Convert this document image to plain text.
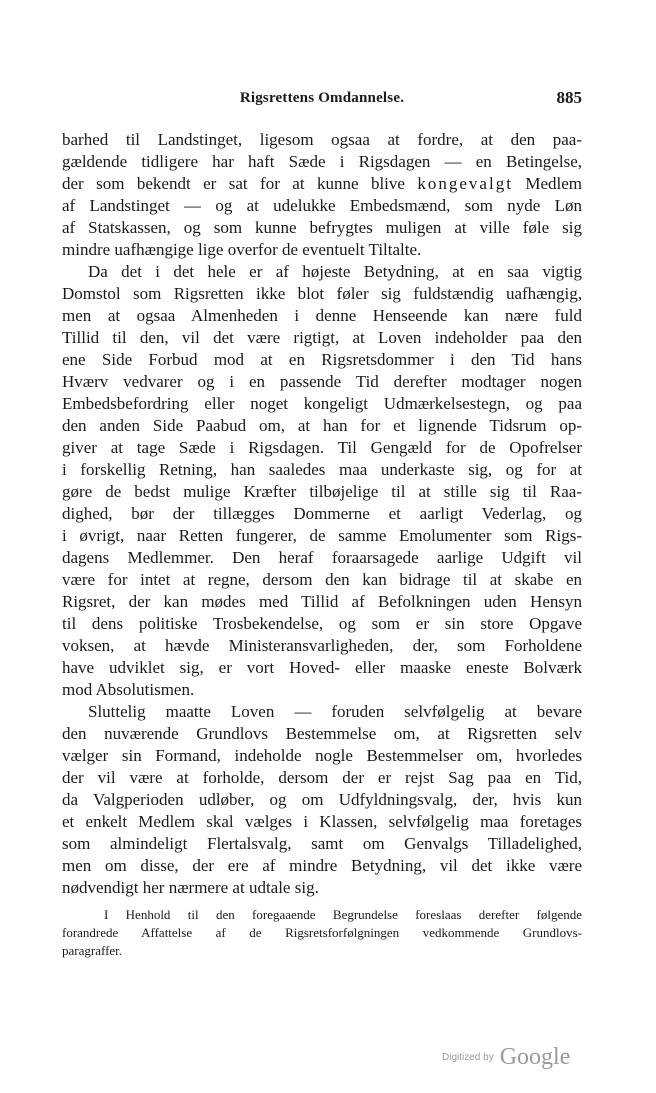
Rigsrettens Omdannelse.	885
barhed til Landstinget, ligesom ogsaa at fordre, at den paa-
gældende tidligere har haft Sæde i Rigsdagen — en Betingelse,
der som bekendt er sat for at kunne blive kongevalgt Medlem
af Landstinget — og at udelukke Embedsmænd, som nyde Løn
af Statskassen, og som kunne befrygtes muligen at ville føle sig
mindre uafhængige lige overfor de eventuelt Tiltalte.
Da det i det hele er af højeste Betydning, at en saa vigtig
Domstol som Rigsretten ikke blot føler sig fuldstændig uafhængig,
men at ogsaa Almenheden i denne Henseende kan nære fuld
Tillid til den, vil det være rigtigt, at Loven indeholder paa den
ene Side Forbud mod at en Rigsretsdommer i den Tid hans
Hværv vedvarer og i en passende Tid derefter modtager nogen
Embedsbefordring eller noget kongeligt Udmærkelsestegn, og paa
den anden Side Paabud om, at han for et lignende Tidsrum op-
giver at tage Sæde i Rigsdagen. Til Gengæld for de Opofrelser
i forskellig Retning, han saaledes maa underkaste sig, og for at
gøre de bedst mulige Kræfter tilbøjelige til at stille sig til Raa-
dighed, bør der tillægges Dommerne et aarligt Vederlag, og
i øvrigt, naar Retten fungerer, de samme Emolumenter som Rigs-
dagens Medlemmer. Den heraf foraarsagede aarlige Udgift vil
være for intet at regne, dersom den kan bidrage til at skabe en
Rigsret, der kan mødes med Tillid af Befolkningen uden Hensyn
til dens politiske Trosbekendelse, og som er sin store Opgave
voksen, at hævde Ministeransvarligheden, der, som Forholdene
have udviklet sig, er vort Hoved- eller maaske eneste Bolværk
mod Absolutismen.
Sluttelig maatte Loven — foruden selvfølgelig at bevare
den nuværende Grundlovs Bestemmelse om, at Rigsretten selv
vælger sin Formand, indeholde nogle Bestemmelser om, hvorledes
der vil være at forholde, dersom der er rejst Sag paa en Tid,
da Valgperioden udløber, og om Udfyldningsvalg, der, hvis kun
et enkelt Medlem skal vælges i Klassen, selvfølgelig maa foretages
som almindeligt Flertalsvalg, samt om Genvalgs Tilladelighed,
men om disse, der ere af mindre Betydning, vil det ikke være
nødvendigt her nærmere at udtale sig.
I Henhold til den foregaaende Begrundelse foreslaas derefter følgende
forandrede Affattelse af de Rigsretsforfølgningen vedkommende Grundlovs-
paragraffer.
Digitized by Google
